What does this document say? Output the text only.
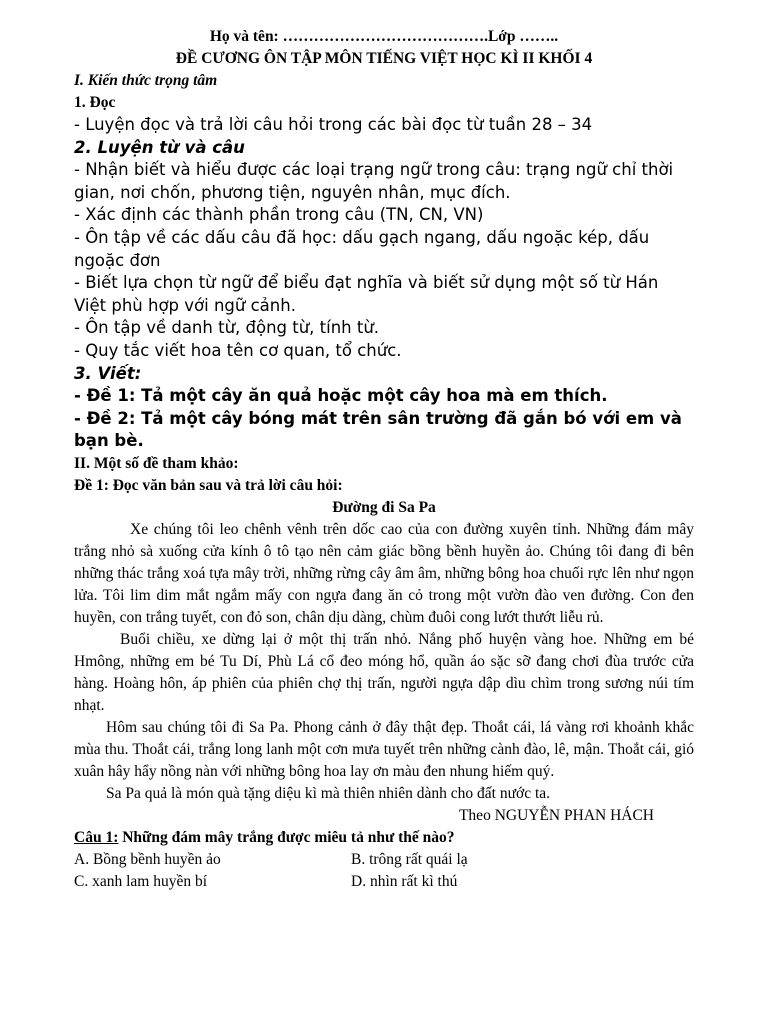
Họ và tên: ………………………………….Lớp ……..

ĐỀ CƯƠNG ÔN TẬP MÔN TIẾNG VIỆT HỌC KÌ II KHỐI 4

I. Kiến thức trọng tâm

1. Đọc

- Luyện đọc và trả lời câu hỏi trong các bài đọc từ tuần 28 – 34

2. Luyện từ và câu

- Nhận biết và hiểu được các loại trạng ngữ trong câu: trạng ngữ chỉ thời gian, nơi chốn, phương tiện, nguyên nhân, mục đích.

- Xác định các thành phần trong câu (TN, CN, VN)

- Ôn tập về các dấu câu đã học: dấu gạch ngang, dấu ngoặc kép, dấu ngoặc đơn

- Biết lựa chọn từ ngữ để biểu đạt nghĩa và biết sử dụng một số từ Hán Việt phù hợp với ngữ cảnh.

- Ôn tập về danh từ, động từ, tính từ.

- Quy tắc viết hoa tên cơ quan, tổ chức.

3. Viết:

- Đề 1: Tả một cây ăn quả hoặc một cây hoa mà em thích.

- Đề 2: Tả một cây bóng mát trên sân trường đã gắn bó với em và bạn bè.

II. Một số đề tham khảo:

Đề 1: Đọc văn bản sau và trả lời câu hỏi:

Đường đi Sa Pa

Xe chúng tôi leo chênh vênh trên dốc cao của con đường xuyên tỉnh. Những đám mây trắng nhỏ sà xuống cửa kính ô tô tạo nên cảm giác bồng bềnh huyền ảo. Chúng tôi đang đi bên những thác trắng xoá tựa mây trời, những rừng cây âm âm, những bông hoa chuối rực lên như ngọn lửa. Tôi lim dim mắt ngắm mấy con ngựa đang ăn cỏ trong một vườn đào ven đường. Con đen huyền, con trắng tuyết, con đỏ son, chân dịu dàng, chùm đuôi cong lướt thướt liễu rủ.

Buổi chiều, xe dừng lại ở một thị trấn nhỏ. Nắng phố huyện vàng hoe. Những em bé Hmông, những em bé Tu Dí, Phù Lá cổ đeo móng hổ, quần áo sặc sỡ đang chơi đùa trước cửa hàng. Hoàng hôn, áp phiên của phiên chợ thị trấn, người ngựa dập dìu chìm trong sương núi tím nhạt.

Hôm sau chúng tôi đi Sa Pa. Phong cảnh ở đây thật đẹp. Thoắt cái, lá vàng rơi khoảnh khắc mùa thu. Thoắt cái, trắng long lanh một cơn mưa tuyết trên những cành đào, lê, mận. Thoắt cái, gió xuân hây hẩy nồng nàn với những bông hoa lay ơn màu đen nhung hiếm quý.

Sa Pa quả là món quà tặng diệu kì mà thiên nhiên dành cho đất nước ta.

Theo NGUYỄN PHAN HÁCH

Câu 1: Những đám mây trắng được miêu tả như thế nào?

A. Bồng bềnh huyền ảo	B. trông rất quái lạ
C. xanh lam huyền bí	D. nhìn rất kì thú
